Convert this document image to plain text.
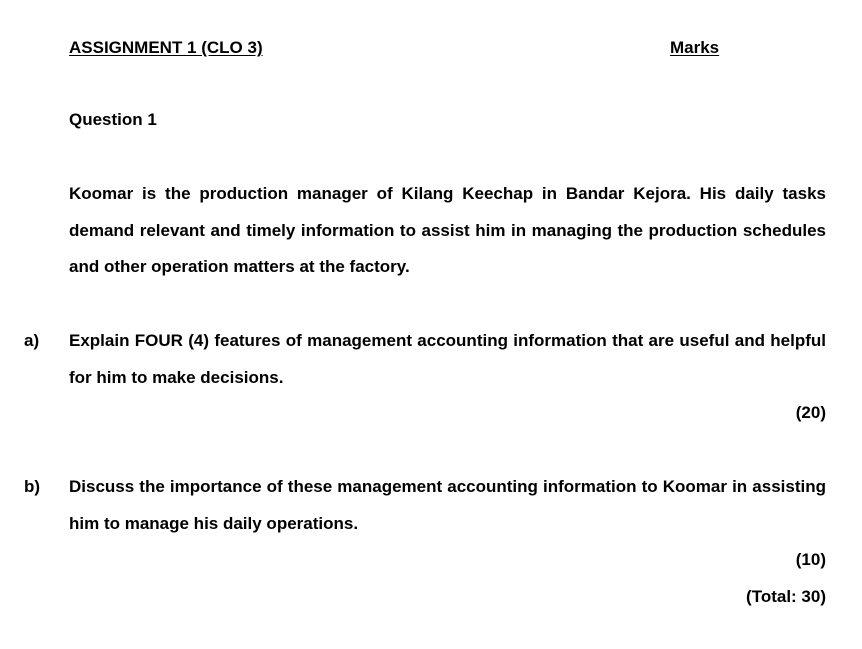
ASSIGNMENT 1 (CLO 3)	Marks
Question 1
Koomar is the production manager of Kilang Keechap in Bandar Kejora. His daily tasks demand relevant and timely information to assist him in managing the production schedules and other operation matters at the factory.
a) Explain FOUR (4) features of management accounting information that are useful and helpful for him to make decisions.
(20)
b) Discuss the importance of these management accounting information to Koomar in assisting him to manage his daily operations.
(10)
(Total: 30)
